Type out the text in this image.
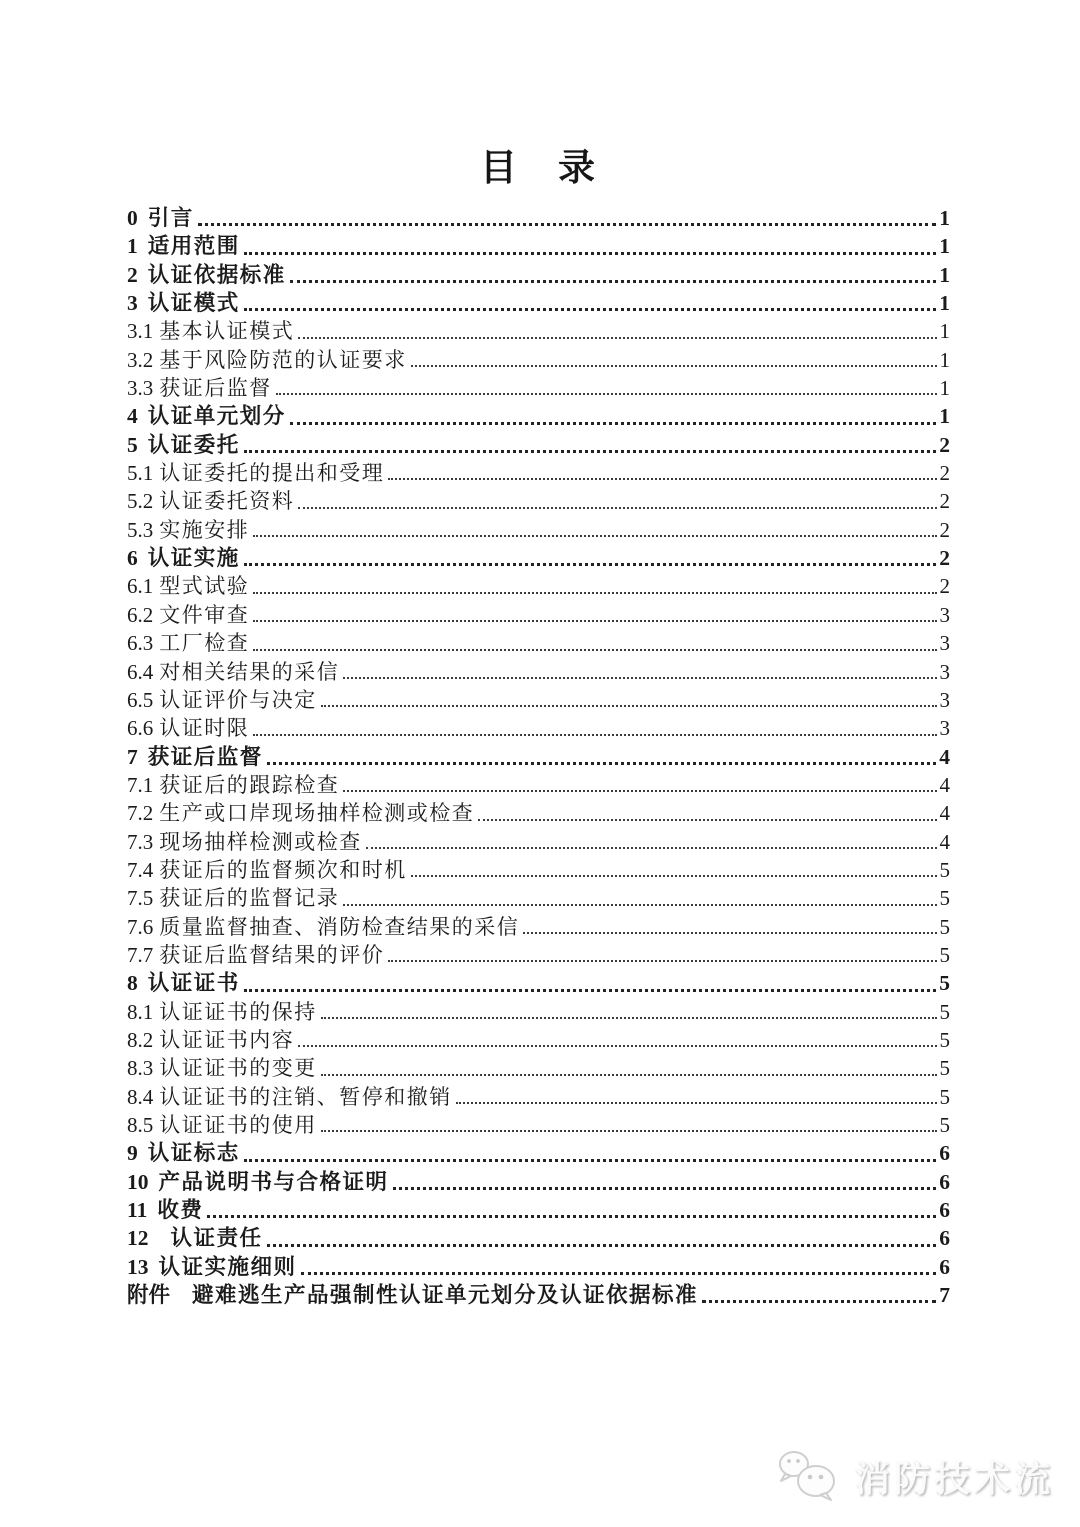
目　录
0 引言	1
1 适用范围	1
2 认证依据标准	1
3 认证模式	1
3.1 基本认证模式	1
3.2 基于风险防范的认证要求	1
3.3 获证后监督	1
4 认证单元划分	1
5 认证委托	2
5.1 认证委托的提出和受理	2
5.2 认证委托资料	2
5.3 实施安排	2
6 认证实施	2
6.1 型式试验	2
6.2 文件审查	3
6.3 工厂检查	3
6.4 对相关结果的采信	3
6.5 认证评价与决定	3
6.6 认证时限	3
7 获证后监督	4
7.1 获证后的跟踪检查	4
7.2 生产或口岸现场抽样检测或检查	4
7.3 现场抽样检测或检查	4
7.4 获证后的监督频次和时机	5
7.5 获证后的监督记录	5
7.6 质量监督抽查、消防检查结果的采信	5
7.7 获证后监督结果的评价	5
8 认证证书	5
8.1 认证证书的保持	5
8.2 认证证书内容	5
8.3 认证证书的变更	5
8.4 认证证书的注销、暂停和撤销	5
8.5 认证证书的使用	5
9 认证标志	6
10 产品说明书与合格证明	6
11 收费	6
12 认证责任	6
13 认证实施细则	6
附件 避难逃生产品强制性认证单元划分及认证依据标准	7
消防技术流
